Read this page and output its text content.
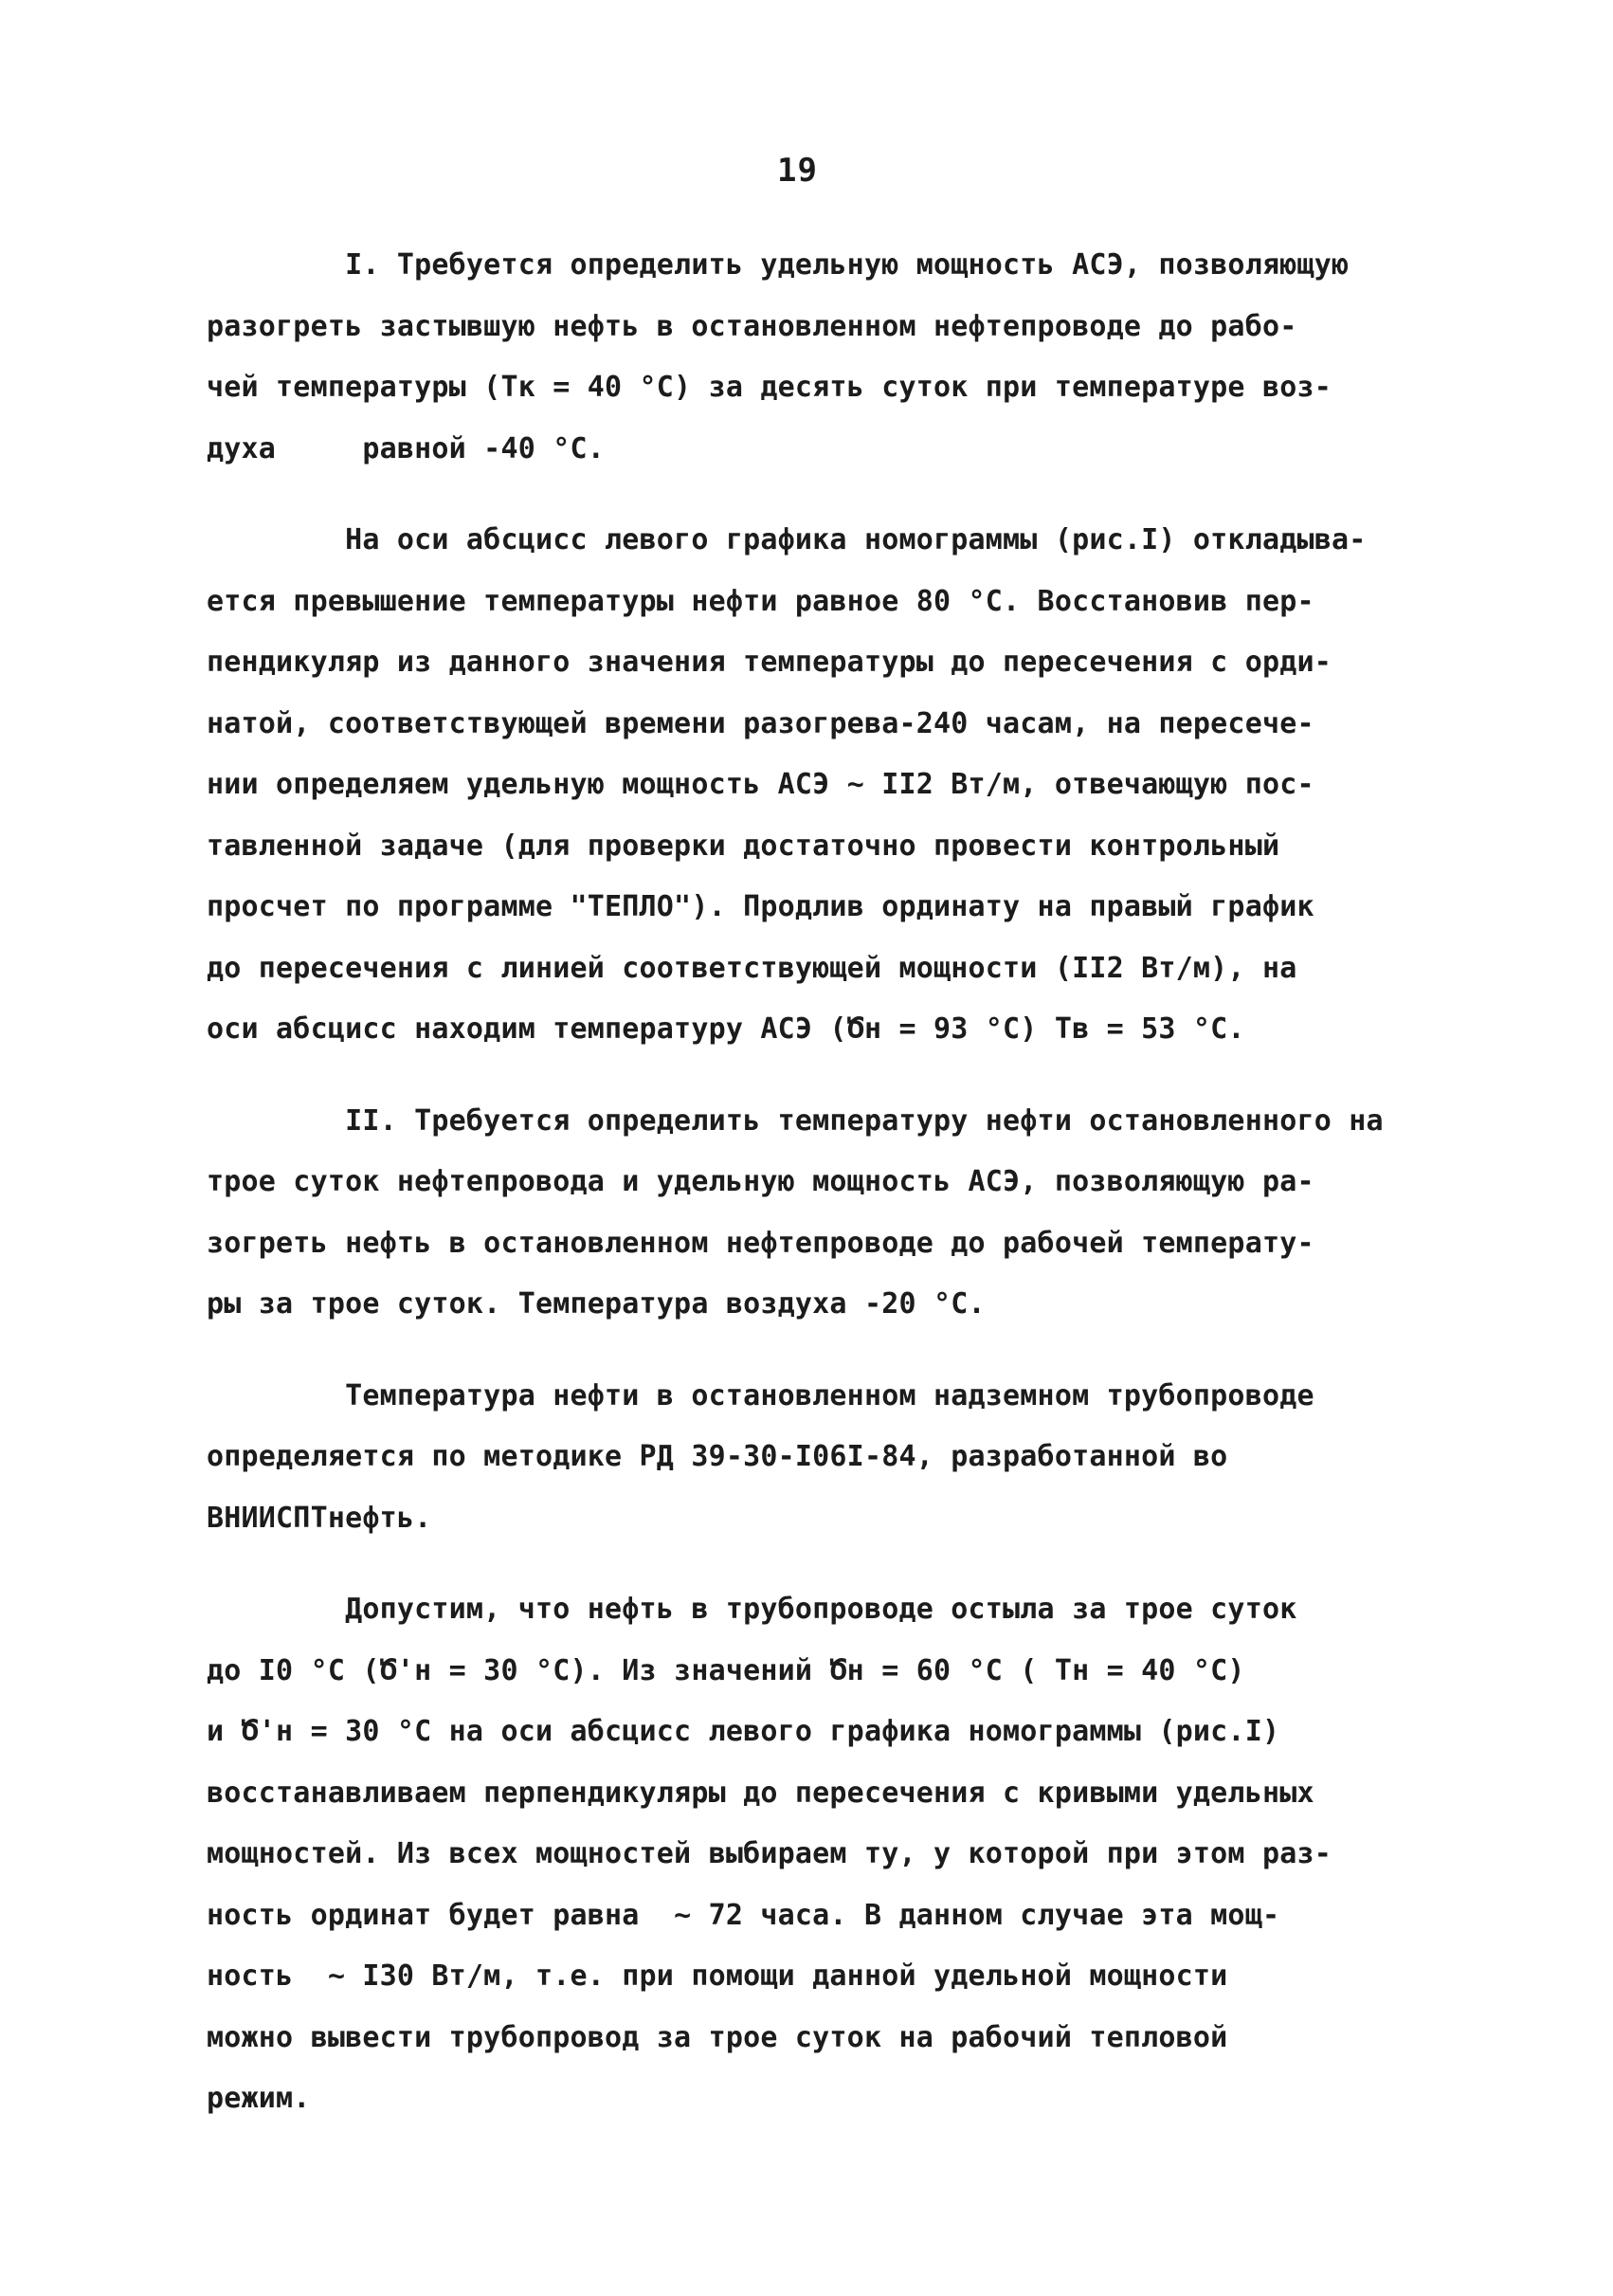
19
I. Требуется определить удельную мощность АСЭ, позволяющую
разогреть застывшую нефть в остановленном нефтепроводе до рабо-
чей температуры (Тк = 40 °С) за десять суток при температуре воз-
духа     равной -40 °С.
На оси абсцисс левого графика номограммы (рис.I) откладыва-
ется превышение температуры нефти равное 80 °С. Восстановив пер-
пендикуляр из данного значения температуры до пересечения с орди-
натой, соответствующей времени разогрева-240 часам, на пересече-
нии определяем удельную мощность АСЭ ∼ II2 Вт/м, отвечающую пос-
тавленной задаче (для проверки достаточно провести контрольный
просчет по программе "ТЕПЛО"). Продлив ординату на правый график
до пересечения с линией соответствующей мощности (II2 Вт/м), на
оси абсцисс находим температуру АСЭ (Ծн = 93 °С) Тв = 53 °С.
II. Требуется определить температуру нефти остановленного на
трое суток нефтепровода и удельную мощность АСЭ, позволяющую ра-
зогреть нефть в остановленном нефтепроводе до рабочей температу-
ры за трое суток. Температура воздуха -20 °С.
Температура нефти в остановленном надземном трубопроводе
определяется по методике РД 39-30-I06I-84, разработанной во
ВНИИСПТнефть.
Допустим, что нефть в трубопроводе остыла за трое суток
до I0 °С (Ծ'н = 30 °С). Из значений Ծн = 60 °С ( Тн = 40 °С)
и Ծ'н = 30 °С на оси абсцисс левого графика номограммы (рис.I)
восстанавливаем перпендикуляры до пересечения с кривыми удельных
мощностей. Из всех мощностей выбираем ту, у которой при этом раз-
ность ординат будет равна  ∼ 72 часа. В данном случае эта мощ-
ность  ∼ I30 Вт/м, т.е. при помощи данной удельной мощности
можно вывести трубопровод за трое суток на рабочий тепловой
режим.
